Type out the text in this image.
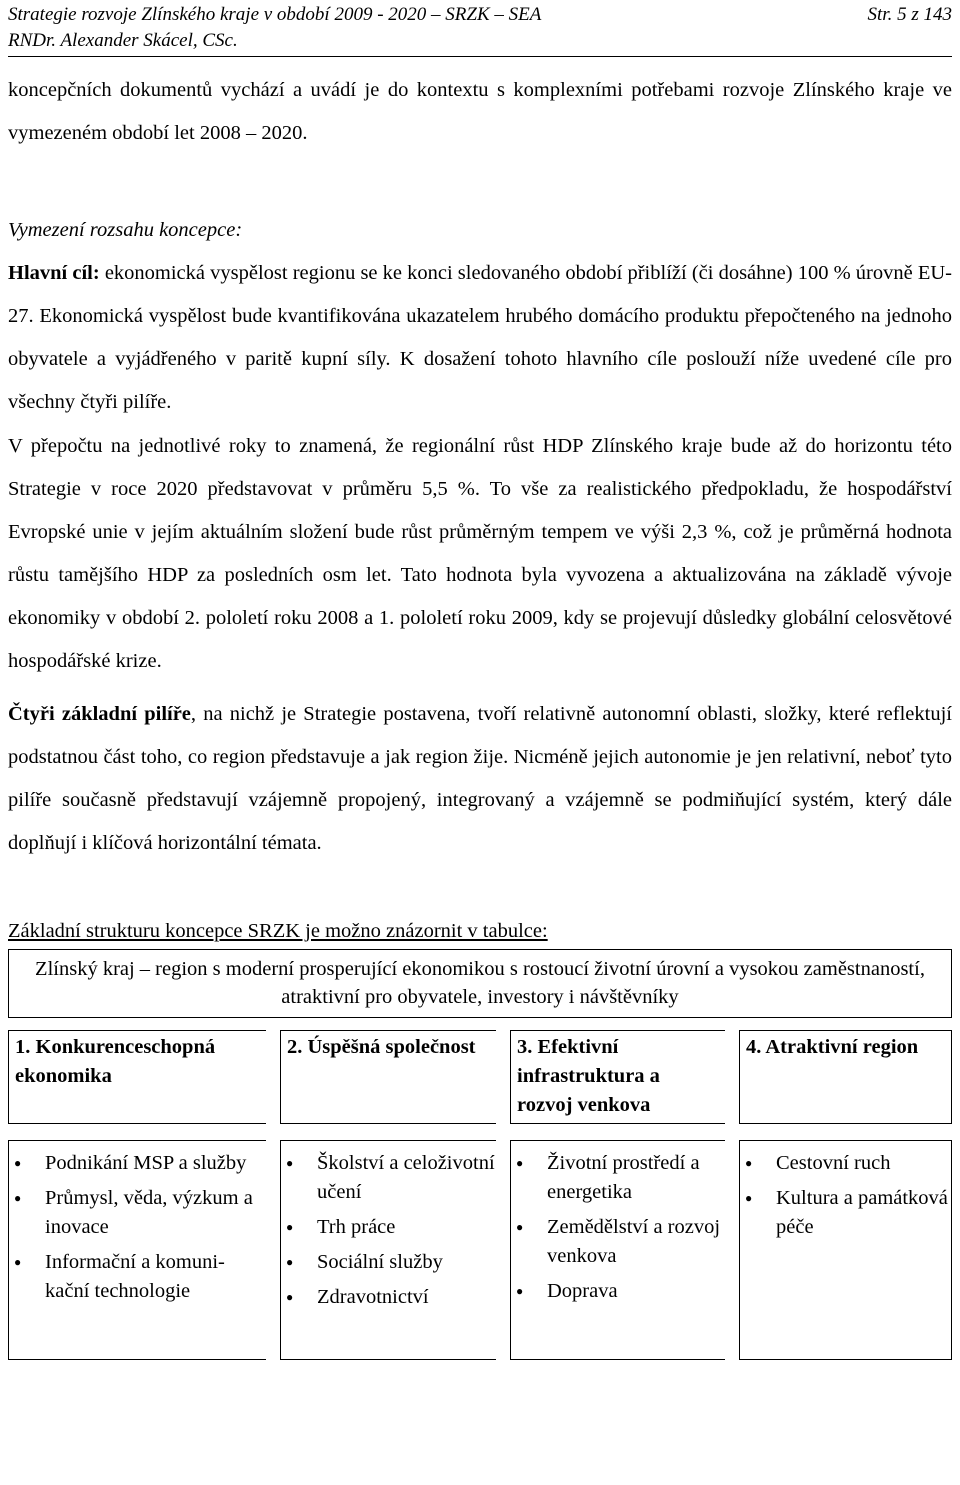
Strategie rozvoje Zlínského kraje v období 2009 - 2020 – SRZK – SEA	Str. 5 z 143
RNDr. Alexander Skácel, CSc.

koncepčních dokumentů vychází a uvádí je do kontextu s komplexními potřebami rozvoje Zlínského kraje ve vymezeném období let 2008 – 2020.

Vymezení rozsahu koncepce:

Hlavní cíl: ekonomická vyspělost regionu se ke konci sledovaného období přiblíží (či dosáhne) 100 % úrovně EU-27. Ekonomická vyspělost bude kvantifikována ukazatelem hrubého domácího produktu přepočteného na jednoho obyvatele a vyjádřeného v paritě kupní síly. K dosažení tohoto hlavního cíle poslouží níže uvedené cíle pro všechny čtyři pilíře.

V přepočtu na jednotlivé roky to znamená, že regionální růst HDP Zlínského kraje bude až do horizontu této Strategie v roce 2020 představovat v průměru 5,5 %. To vše za realistického předpokladu, že hospodářství Evropské unie v jejím aktuálním složení bude růst průměrným tempem ve výši 2,3 %, což je průměrná hodnota růstu tamějšího HDP za posledních osm let. Tato hodnota byla vyvozena a aktualizována na základě vývoje ekonomiky v období 2. pololetí roku 2008 a 1. pololetí roku 2009, kdy se projevují důsledky globální celosvětové hospodářské krize.

Čtyři základní pilíře, na nichž je Strategie postavena, tvoří relativně autonomní oblasti, složky, které reflektují podstatnou část toho, co region představuje a jak region žije. Nicméně jejich autonomie je jen relativní, neboť tyto pilíře současně představují vzájemně propojený, integrovaný a vzájemně se podmiňující systém, který dále doplňují i klíčová horizontální témata.

Základní strukturu koncepce SRZK je možno znázornit v tabulce:
Zlínský kraj – region s moderní prosperující ekonomikou s rostoucí životní úrovní a vysokou zaměstnaností, atraktivní pro obyvatele, investory i návštěvníky
1. Konkurenceschopná ekonomika
● Podnikání MSP a služby
● Průmysl, věda, výzkum a inovace
● Informační a komuni-kační technologie
2. Úspěšná společnost
● Školství a celoživotní učení
● Trh práce
● Sociální služby
● Zdravotnictví
3. Efektivní infrastruktura a rozvoj venkova
● Životní prostředí a energetika
● Zemědělství a rozvoj venkova
● Doprava
4. Atraktivní region
● Cestovní ruch
● Kultura a památková péče
